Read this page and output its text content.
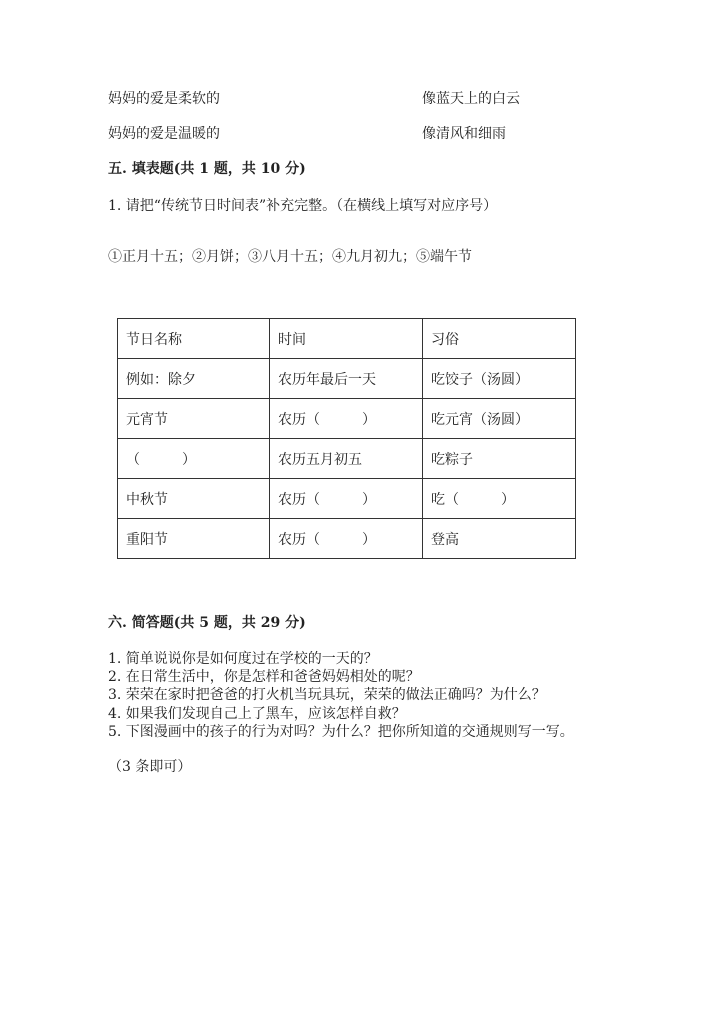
妈妈的爱是柔软的	像蓝天上的白云
妈妈的爱是温暖的	像清风和细雨
五. 填表题(共 1 题，共 10 分)
1. 请把“传统节日时间表”补充完整。（在横线上填写对应序号）
①正月十五；②月饼；③八月十五；④九月初九；⑤端午节
节日名称	时间	习俗
例如：除夕	农历年最后一天	吃饺子（汤圆）
元宵节	农历（　　　）	吃元宵（汤圆）
（　　　）	农历五月初五	吃粽子
中秋节	农历（　　　）	吃（　　　）
重阳节	农历（　　　）	登高
六. 简答题(共 5 题，共 29 分)
1. 简单说说你是如何度过在学校的一天的？
2. 在日常生活中，你是怎样和爸爸妈妈相处的呢？
3. 荣荣在家时把爸爸的打火机当玩具玩，荣荣的做法正确吗？为什么？
4. 如果我们发现自己上了黑车，应该怎样自救？
5. 下图漫画中的孩子的行为对吗？为什么？把你所知道的交通规则写一写。
（3 条即可）
